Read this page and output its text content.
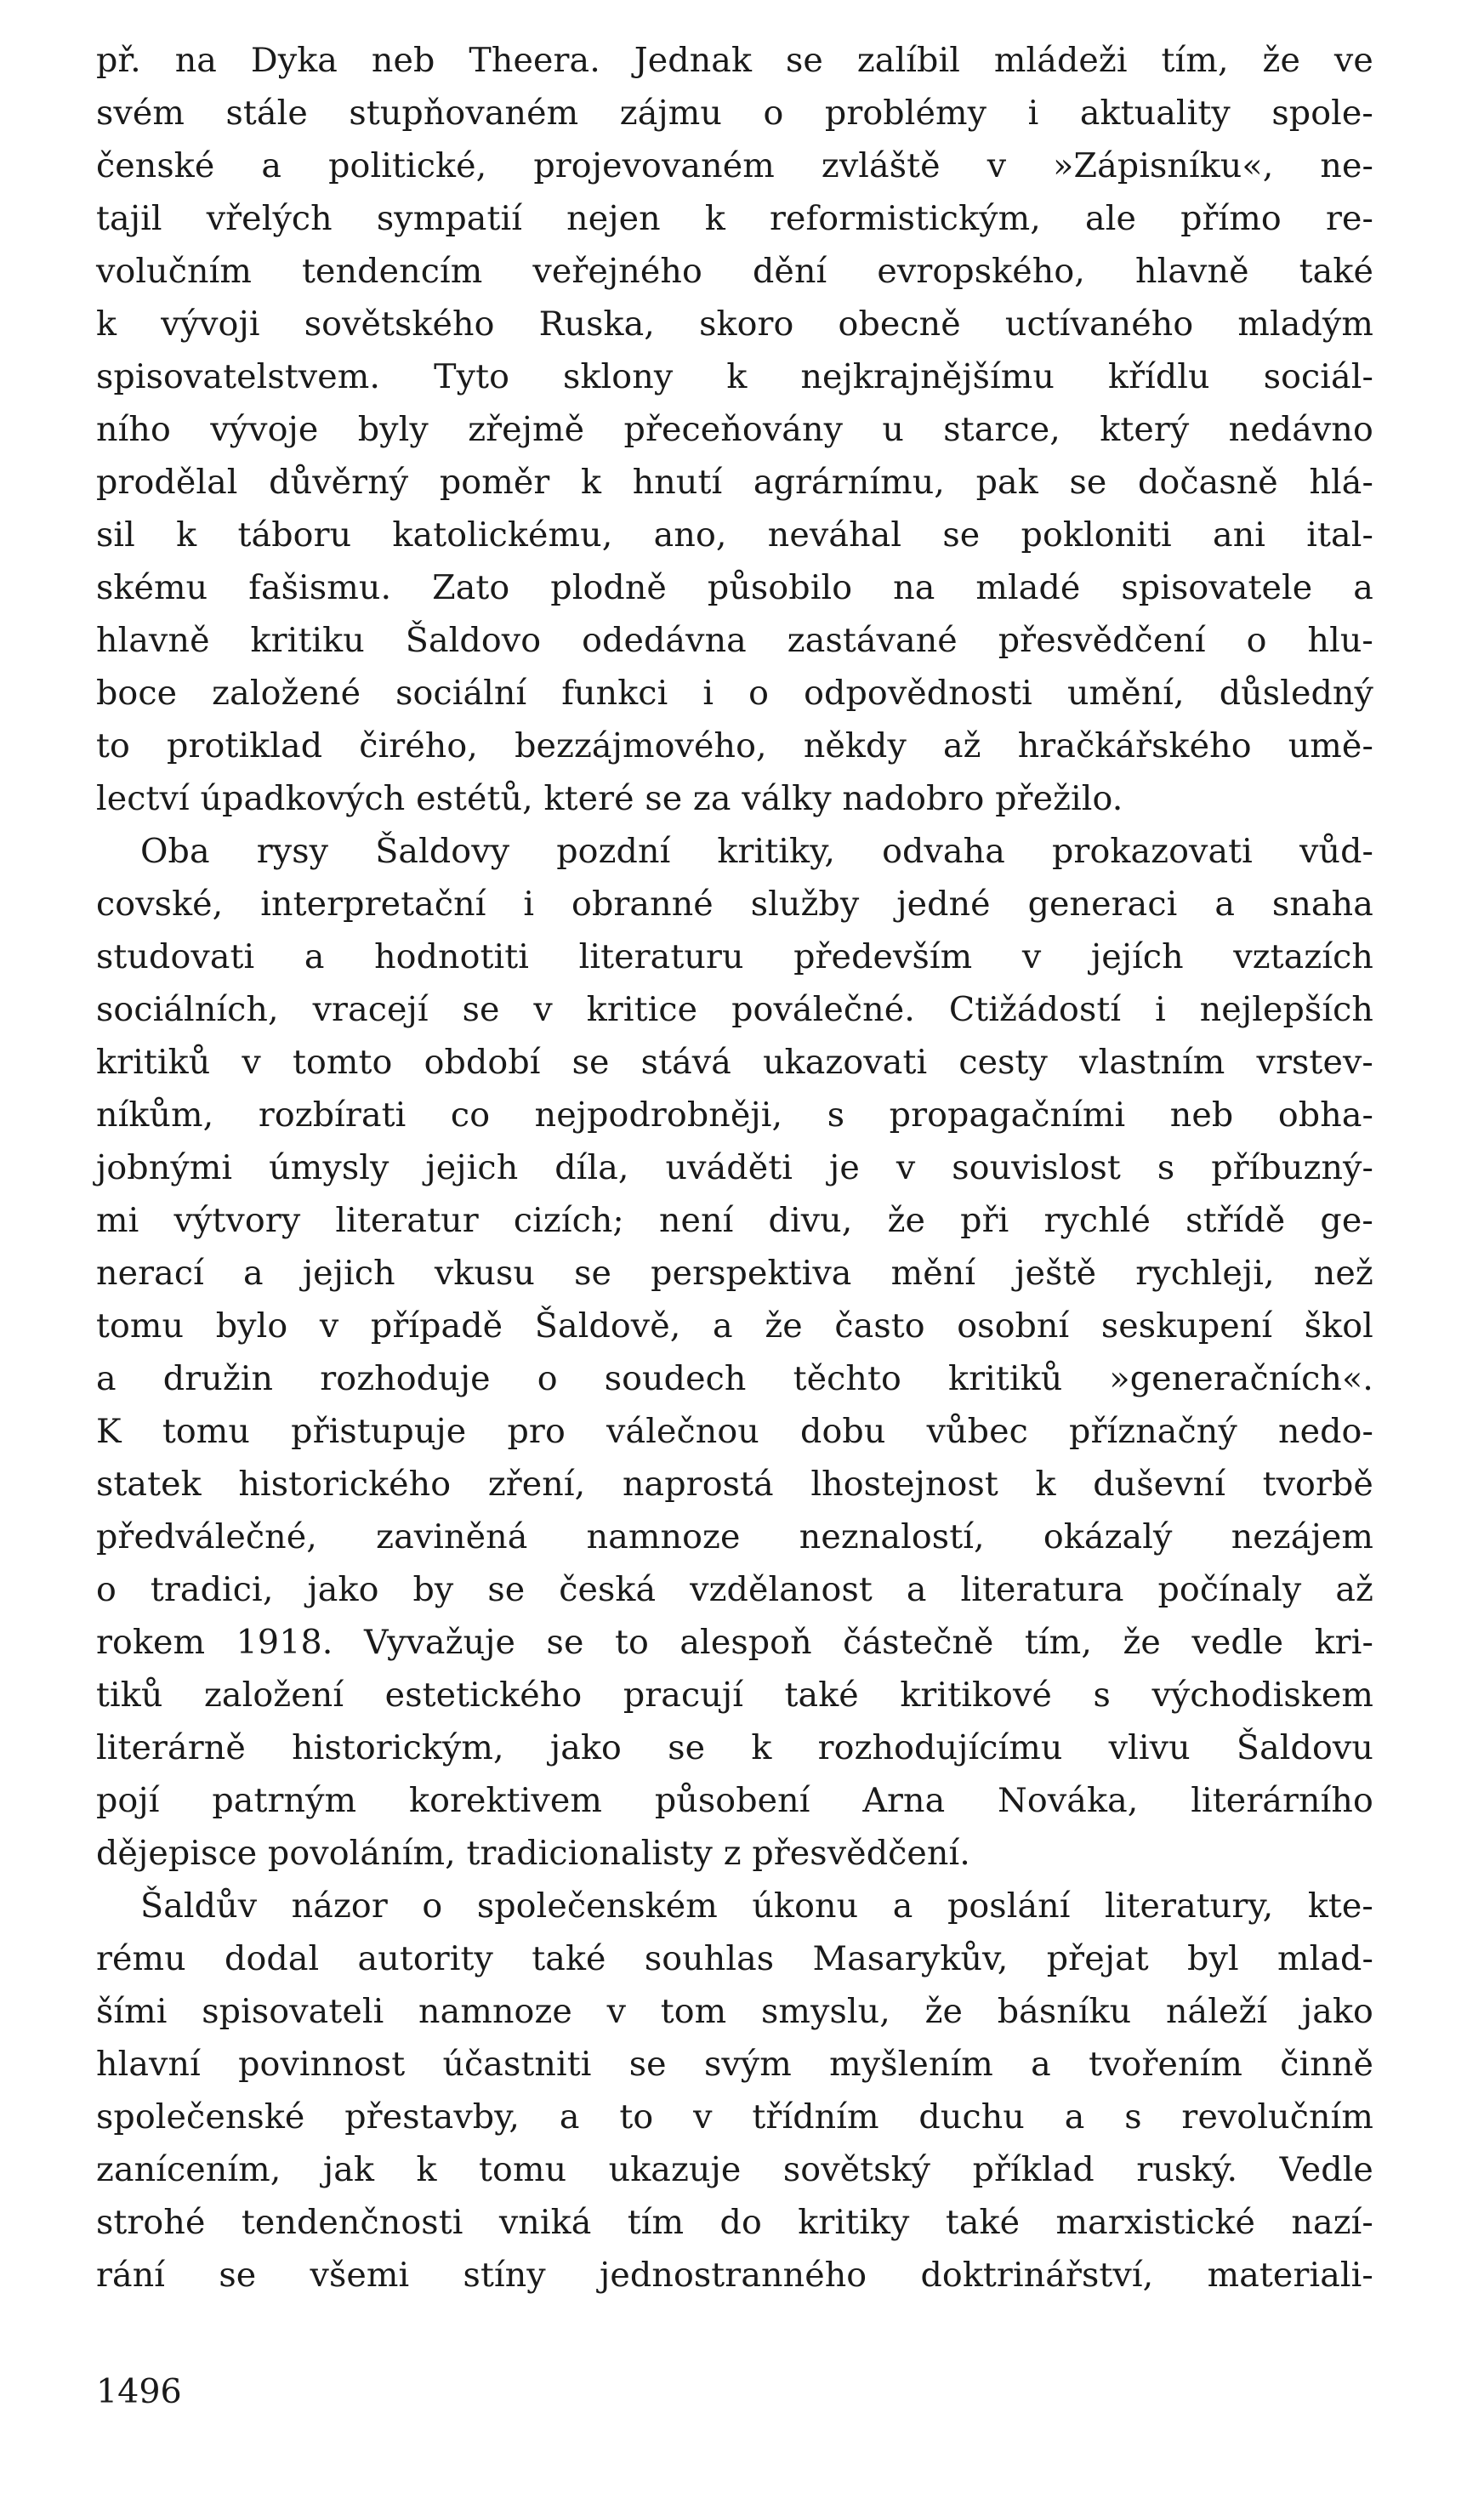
př. na Dyka neb Theera. Jednak se zalíbil mládeži tím, že ve
svém stále stupňovaném zájmu o problémy i aktuality spole-
čenské a politické, projevovaném zvláště v »Zápisníku«, ne-
tajil vřelých sympatií nejen k reformistickým, ale přímo re-
volučním tendencím veřejného dění evropského, hlavně také
k vývoji sovětského Ruska, skoro obecně uctívaného mladým
spisovatelstvem. Tyto sklony k nejkrajnějšímu křídlu sociál-
ního vývoje byly zřejmě přeceňovány u starce, který nedávno
prodělal důvěrný poměr k hnutí agrárnímu, pak se dočasně hlá-
sil k táboru katolickému, ano, neváhal se pokloniti ani ital-
skému fašismu. Zato plodně působilo na mladé spisovatele a
hlavně kritiku Šaldovo odedávna zastávané přesvědčení o hlu-
boce založené sociální funkci i o odpovědnosti umění, důsledný
to protiklad čirého, bezzájmového, někdy až hračkářského umě-
lectví úpadkových estétů, které se za války nadobro přežilo.
Oba rysy Šaldovy pozdní kritiky, odvaha prokazovati vůd-
covské, interpretační i obranné služby jedné generaci a snaha
studovati a hodnotiti literaturu především v jejích vztazích
sociálních, vracejí se v kritice poválečné. Ctižádostí i nejlepších
kritiků v tomto období se stává ukazovati cesty vlastním vrstev-
níkům, rozbírati co nejpodrobněji, s propagačními neb obha-
jobnými úmysly jejich díla, uváděti je v souvislost s příbuzný-
mi výtvory literatur cizích; není divu, že při rychlé střídě ge-
nerací a jejich vkusu se perspektiva mění ještě rychleji, než
tomu bylo v případě Šaldově, a že často osobní seskupení škol
a družin rozhoduje o soudech těchto kritiků »generačních«.
K tomu přistupuje pro válečnou dobu vůbec příznačný nedo-
statek historického zření, naprostá lhostejnost k duševní tvorbě
předválečné, zaviněná namnoze neznalostí, okázalý nezájem
o tradici, jako by se česká vzdělanost a literatura počínaly až
rokem 1918. Vyvažuje se to alespoň částečně tím, že vedle kri-
tiků založení estetického pracují také kritikové s východiskem
literárně historickým, jako se k rozhodujícímu vlivu Šaldovu
pojí patrným korektivem působení Arna Nováka, literárního
dějepisce povoláním, tradicionalisty z přesvědčení.
Šaldův názor o společenském úkonu a poslání literatury, kte-
rému dodal autority také souhlas Masarykův, přejat byl mlad-
šími spisovateli namnoze v tom smyslu, že básníku náleží jako
hlavní povinnost účastniti se svým myšlením a tvořením činně
společenské přestavby, a to v třídním duchu a s revolučním
zanícením, jak k tomu ukazuje sovětský příklad ruský. Vedle
strohé tendenčnosti vniká tím do kritiky také marxistické nazí-
rání se všemi stíny jednostranného doktrinářství, materiali-
1496
